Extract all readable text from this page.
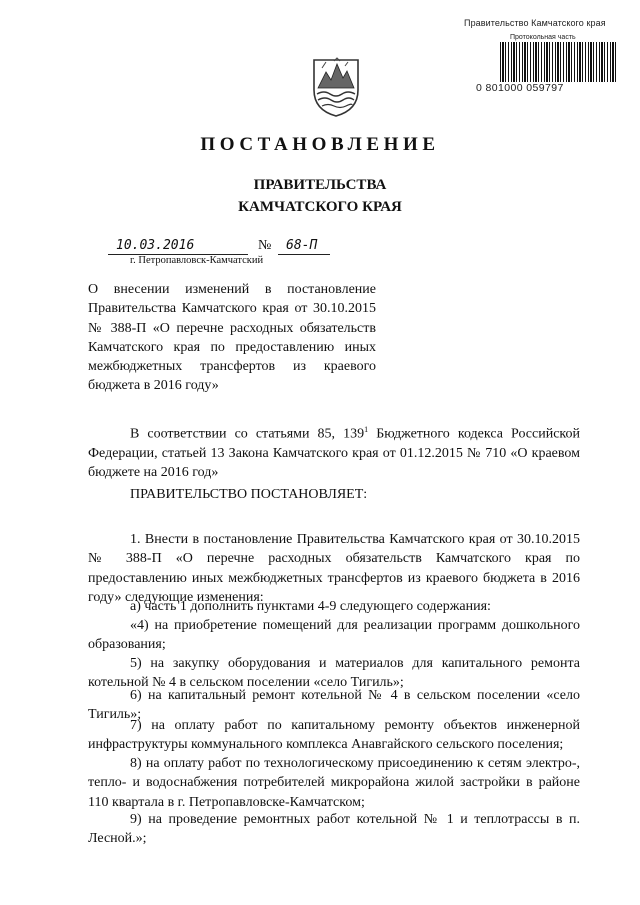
Правительство Камчатского края
Протокольная часть
0 801000 059797
ПОСТАНОВЛЕНИЕ
ПРАВИТЕЛЬСТВА
КАМЧАТСКОГО КРАЯ
10.03.2016	№ 68-П
г. Петропавловск-Камчатский

О внесении изменений в постановление Правительства Камчатского края от 30.10.2015 № 388-П «О перечне расходных обязательств Камчатского края по предоставлению иных межбюджетных трансфертов из краевого бюджета в 2016 году»

В соответствии со статьями 85, $139^1$ Бюджетного кодекса Российской Федерации, статьей 13 Закона Камчатского края от 01.12.2015 № 710 «О краевом бюджете на 2016 год»

ПРАВИТЕЛЬСТВО ПОСТАНОВЛЯЕТ:

1. Внести в постановление Правительства Камчатского края от 30.10.2015 № 388-П «О перечне расходных обязательств Камчатского края по предоставлению иных межбюджетных трансфертов из краевого бюджета в 2016 году» следующие изменения:

а) часть 1 дополнить пунктами 4-9 следующего содержания:

«4) на приобретение помещений для реализации программ дошкольного образования;

5) на закупку оборудования и материалов для капитального ремонта котельной № 4 в сельском поселении «село Тигиль»;

6) на капитальный ремонт котельной № 4 в сельском поселении «село Тигиль»;

7) на оплату работ по капитальному ремонту объектов инженерной инфраструктуры коммунального комплекса Анавгайского сельского поселения;

8) на оплату работ по технологическому присоединению к сетям электро-, тепло- и водоснабжения потребителей микрорайона жилой застройки в районе 110 квартала в г. Петропавловске-Камчатском;

9) на проведение ремонтных работ котельной № 1 и теплотрассы в п. Лесной.»;
